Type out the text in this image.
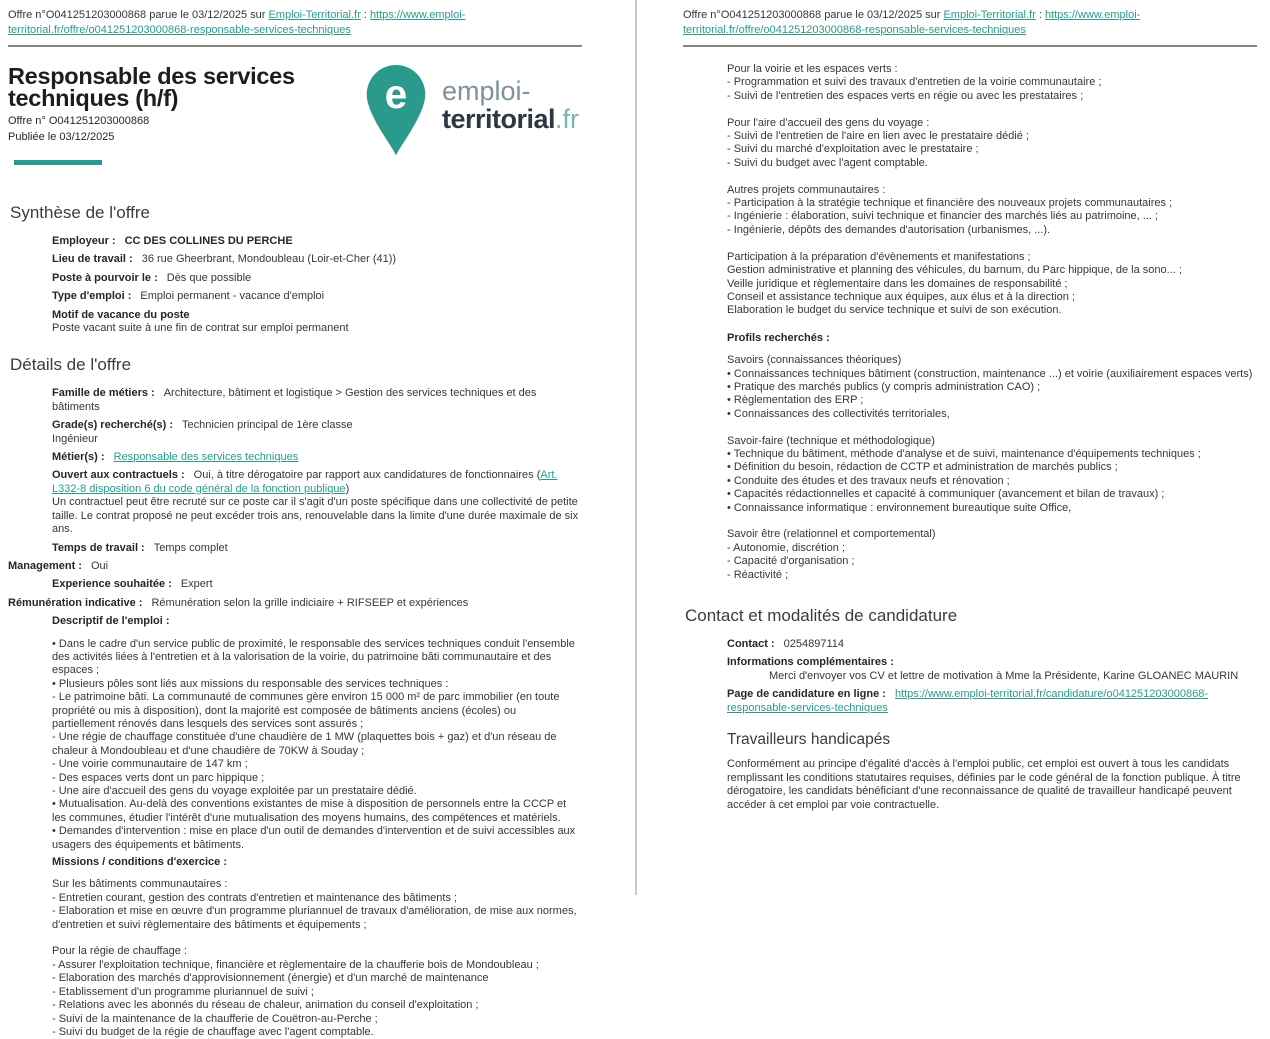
Offre n°O041251203000868 parue le 03/12/2025 sur Emploi-Territorial.fr : https://www.emploi-territorial.fr/offre/o041251203000868-responsable-services-techniques
Responsable des services techniques (h/f)
Offre n° O041251203000868
Publiée le 03/12/2025
e emploi-
territorial.fr
Synthèse de l'offre
Employeur : CC DES COLLINES DU PERCHE
Lieu de travail : 36 rue Gheerbrant, Mondoubleau (Loir-et-Cher (41))
Poste à pourvoir le : Dès que possible
Type d'emploi : Emploi permanent - vacance d'emploi
Motif de vacance du poste
Poste vacant suite à une fin de contrat sur emploi permanent
Détails de l'offre
Famille de métiers : Architecture, bâtiment et logistique > Gestion des services techniques et des bâtiments
Grade(s) recherché(s) : Technicien principal de 1ère classe
Ingénieur
Métier(s) : Responsable des services techniques
Ouvert aux contractuels : Oui, à titre dérogatoire par rapport aux candidatures de fonctionnaires (Art. L332-8 disposition 6 du code général de la fonction publique)
Un contractuel peut être recruté sur ce poste car il s'agit d'un poste spécifique dans une collectivité de petite taille. Le contrat proposé ne peut excéder trois ans, renouvelable dans la limite d'une durée maximale de six ans.
Temps de travail : Temps complet
Management : Oui
Experience souhaitée : Expert
Rémunération indicative : Rémunération selon la grille indiciaire + RIFSEEP et expériences
Descriptif de l'emploi :
• Dans le cadre d'un service public de proximité, le responsable des services techniques conduit l'ensemble des activités liées à l'entretien et à la valorisation de la voirie, du patrimoine bâti communautaire et des espaces ;
• Plusieurs pôles sont liés aux missions du responsable des services techniques :
- Le patrimoine bâti. La communauté de communes gère environ 15 000 m² de parc immobilier (en toute propriété ou mis à disposition), dont la majorité est composée de bâtiments anciens (écoles) ou partiellement rénovés dans lesquels des services sont assurés ;
- Une régie de chauffage constituée d'une chaudière de 1 MW (plaquettes bois + gaz) et d'un réseau de chaleur à Mondoubleau et d'une chaudière de 70KW à Souday ;
- Une voirie communautaire de 147 km ;
- Des espaces verts dont un parc hippique ;
- Une aire d'accueil des gens du voyage exploitée par un prestataire dédié.
• Mutualisation. Au-delà des conventions existantes de mise à disposition de personnels entre la CCCP et les communes, étudier l'intérêt d'une mutualisation des moyens humains, des compétences et matériels.
• Demandes d'intervention : mise en place d'un outil de demandes d'intervention et de suivi accessibles aux usagers des équipements et bâtiments.
Missions / conditions d'exercice :
Sur les bâtiments communautaires :
- Entretien courant, gestion des contrats d'entretien et maintenance des bâtiments ;
- Elaboration et mise en œuvre d'un programme pluriannuel de travaux d'amélioration, de mise aux normes,
d'entretien et suivi règlementaire des bâtiments et équipements ;

Pour la régie de chauffage :
- Assurer l'exploitation technique, financière et règlementaire de la chaufferie bois de Mondoubleau ;
- Elaboration des marchés d'approvisionnement (énergie) et d'un marché de maintenance
- Etablissement d'un programme pluriannuel de suivi ;
- Relations avec les abonnés du réseau de chaleur, animation du conseil d'exploitation ;
- Suivi de la maintenance de la chaufferie de Couëtron-au-Perche ;
- Suivi du budget de la régie de chauffage avec l'agent comptable.
Offre n°O041251203000868 parue le 03/12/2025 sur Emploi-Territorial.fr : https://www.emploi-territorial.fr/offre/o041251203000868-responsable-services-techniques
Pour la voirie et les espaces verts :
- Programmation et suivi des travaux d'entretien de la voirie communautaire ;
- Suivi de l'entretien des espaces verts en régie ou avec les prestataires ;

Pour l'aire d'accueil des gens du voyage :
- Suivi de l'entretien de l'aire en lien avec le prestataire dédié ;
- Suivi du marché d'exploitation avec le prestataire ;
- Suivi du budget avec l'agent comptable.

Autres projets communautaires :
- Participation à la stratégie technique et financière des nouveaux projets communautaires ;
- Ingénierie : élaboration, suivi technique et financier des marchés liés au patrimoine, ... ;
- Ingénierie, dépôts des demandes d'autorisation (urbanismes, ...).

Participation à la préparation d'évènements et manifestations ;
Gestion administrative et planning des véhicules, du barnum, du Parc hippique, de la sono... ;
Veille juridique et règlementaire dans les domaines de responsabilité ;
Conseil et assistance technique aux équipes, aux élus et à la direction ;
Elaboration le budget du service technique et suivi de son exécution.
Profils recherchés :
Savoirs (connaissances théoriques)
• Connaissances techniques bâtiment (construction, maintenance ...) et voirie (auxiliairement espaces verts)
• Pratique des marchés publics (y compris administration CAO) ;
• Règlementation des ERP ;
• Connaissances des collectivités territoriales,

Savoir-faire (technique et méthodologique)
• Technique du bâtiment, méthode d'analyse et de suivi, maintenance d'équipements techniques ;
• Définition du besoin, rédaction de CCTP et administration de marchés publics ;
• Conduite des études et des travaux neufs et rénovation ;
• Capacités rédactionnelles et capacité à communiquer (avancement et bilan de travaux) ;
• Connaissance informatique : environnement bureautique suite Office,

Savoir être (relationnel et comportemental)
- Autonomie, discrétion ;
- Capacité d'organisation ;
- Réactivité ;
Contact et modalités de candidature
Contact : 0254897114
Informations complémentaires :
Merci d'envoyer vos CV et lettre de motivation à Mme la Présidente, Karine GLOANEC MAURIN
Page de candidature en ligne : https://www.emploi-territorial.fr/candidature/o041251203000868-responsable-services-techniques
Travailleurs handicapés

Conformément au principe d'égalité d'accès à l'emploi public, cet emploi est ouvert à tous les candidats remplissant les conditions statutaires requises, définies par le code général de la fonction publique. À titre dérogatoire, les candidats bénéficiant d'une reconnaissance de qualité de travailleur handicapé peuvent accéder à cet emploi par voie contractuelle.
